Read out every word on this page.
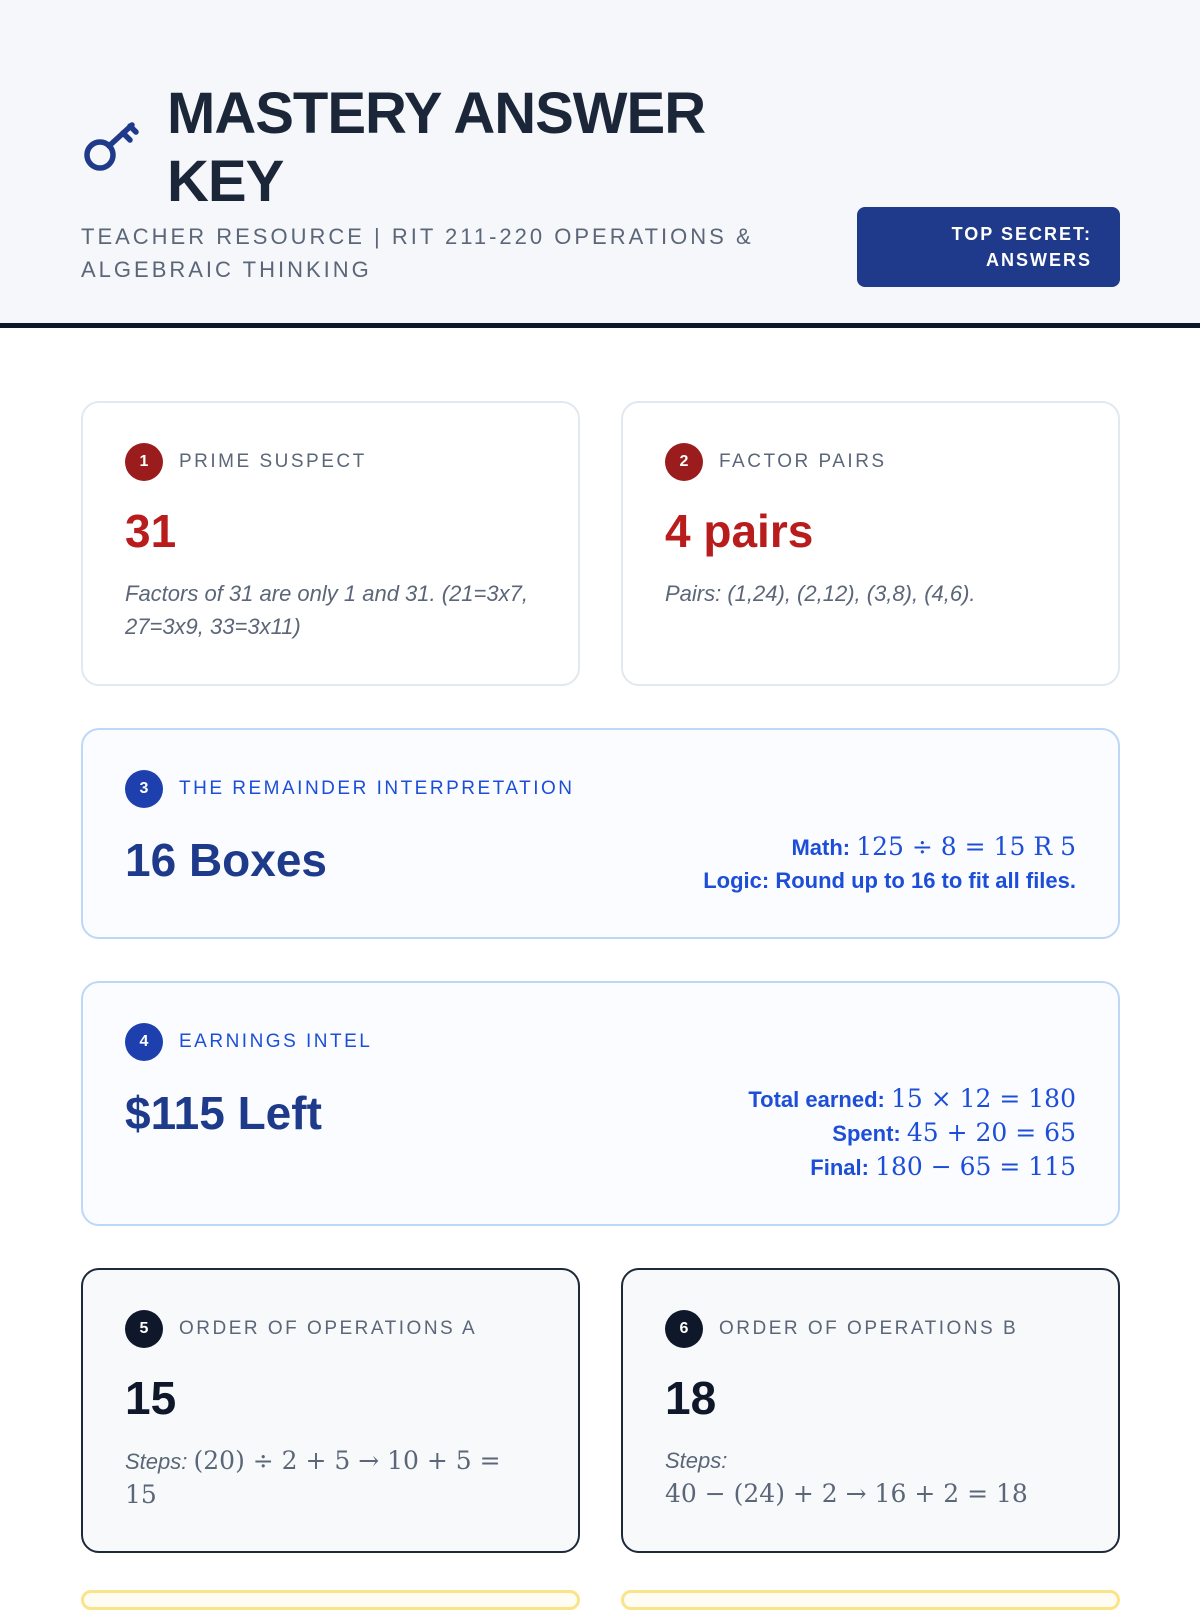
MASTERY ANSWER KEY

TEACHER RESOURCE | RIT 211-220 OPERATIONS & ALGEBRAIC THINKING

TOP SECRET: ANSWERS
1	PRIME SUSPECT
31
Factors of 31 are only 1 and 31. (21=3x7, 27=3x9, 33=3x11)
2	FACTOR PAIRS
4 pairs
Pairs: (1,24), (2,12), (3,8), (4,6).
3	THE REMAINDER INTERPRETATION
16 Boxes	Math: 125 ÷ 8 = 15 R 5
Logic: Round up to 16 to fit all files.
4	EARNINGS INTEL
$115 Left	Total earned: 15 × 12 = 180
Spent: 45 + 20 = 65
Final: 180 − 65 = 115
5	ORDER OF OPERATIONS A
15
Steps: (20) ÷ 2 + 5 → 10 + 5 = 15
6	ORDER OF OPERATIONS B
18
Steps:
40 − (24) + 2 → 16 + 2 = 18
